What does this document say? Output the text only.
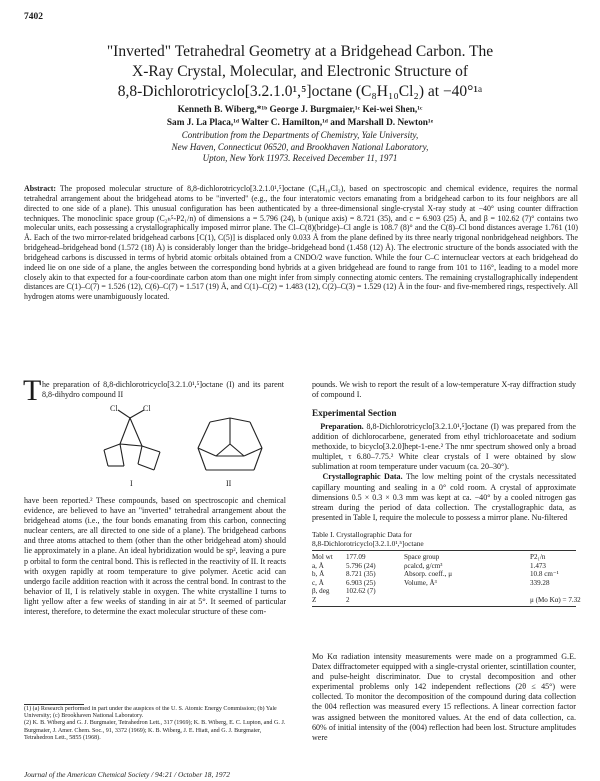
7402
"Inverted" Tetrahedral Geometry at a Bridgehead Carbon. The
X-Ray Crystal, Molecular, and Electronic Structure of
8,8-Dichlorotricyclo[3.2.1.0¹,⁵]octane (C₈H₁₀Cl₂) at −40°¹ᵃ
Kenneth B. Wiberg,*¹ᵇ George J. Burgmaier,¹ᶜ Kei-wei Shen,¹ᶜ
Sam J. La Placa,¹ᵈ Walter C. Hamilton,¹ᵈ and Marshall D. Newton¹ᵉ
Contribution from the Departments of Chemistry, Yale University,
New Haven, Connecticut 06520, and Brookhaven National Laboratory,
Upton, New York 11973. Received December 11, 1971
Abstract: The proposed molecular structure of 8,8-dichlorotricyclo[3.2.1.0¹,⁵]octane (C₈H₁₀Cl₂), based on spectroscopic and chemical evidence, requires the normal tetrahedral arrangement about the bridgehead atoms to be "inverted" (e.g., the four interatomic vectors emanating from a bridgehead carbon to its four neighbors are all directed to one side of a plane). This unusual configuration has been authenticated by a three-dimensional single-crystal X-ray study at −40° using counter diffraction techniques. The monoclinic space group (C₂ₕ⁵-P2₁/n) of dimensions a = 5.796 (24), b (unique axis) = 8.721 (35), and c = 6.903 (25) Å, and β = 102.62 (7)° contains two molecular units, each possessing a crystallographically imposed mirror plane. The Cl–C(8)(bridge)–Cl angle is 108.7 (8)° and the C(8)–Cl bond distances average 1.761 (10) Å. Each of the two mirror-related bridgehead carbons [C(1), C(5)] is displaced only 0.033 Å from the plane defined by its three nearly trigonal nonbridgehead neighbors. The bridgehead–bridgehead bond (1.572 (18) Å) is considerably longer than the bridge–bridgehead bond (1.458 (12) Å). The electronic structure of the bonds associated with the bridgehead carbons is discussed in terms of hybrid atomic orbitals obtained from a CNDO/2 wave function. While the four C–C internuclear vectors at each bridgehead do indeed lie on one side of a plane, the angles between the corresponding bond hybrids at a given bridgehead are found to range from 101 to 116°, leading to a model more closely akin to that expected for a four-coordinate carbon atom than one might infer from simply connecting atomic centers. The remaining crystallographically independent distances are C(1)–C(7) = 1.526 (12), C(6)–C(7) = 1.517 (19) Å, and C(1)–C(2) = 1.483 (12), C(2)–C(3) = 1.529 (12) Å in the four- and five-membered rings, respectively. All hydrogen atoms were unambiguously located.
T he preparation of 8,8-dichlorotricyclo[3.2.1.0¹,⁵]octane (I) and its parent 8,8-dihydro compound II

Cl	Cl
I	II

have been reported.² These compounds, based on spectroscopic and chemical evidence, are believed to have an "inverted" tetrahedral arrangement about the bridgehead atoms (i.e., the four bonds emanating from this carbon, connecting nuclear centers, are all directed to one side of a plane). The bridgehead carbons and three atoms attached to them (other than the other bridgehead atom) should lie approximately in a plane. An ideal hybridization would be sp², leaving a pure p orbital to form the central bond. This is reflected in the reactivity of II. It reacts with oxygen rapidly at room temperature to give polymer. Acetic acid can undergo facile addition reaction with it across the central bond. In contrast to the behavior of II, I is relatively stable in oxygen. The white crystalline I turns to light yellow after a few weeks of standing in air at 5°. It seemed of particular interest, therefore, to determine the exact molecular structure of these com-

(1) (a) Research performed in part under the auspices of the U. S. Atomic Energy Commission; (b) Yale University; (c) Brookhaven National Laboratory.
(2) K. B. Wiberg and G. J. Burgmaier, Tetrahedron Lett., 317 (1969); K. B. Wiberg, E. C. Lupton, and G. J. Burgmaier, J. Amer. Chem. Soc., 91, 3372 (1969); K. B. Wiberg, J. E. Hiatt, and G. J. Burgmaier, Tetrahedron Lett., 5855 (1968).

pounds. We wish to report the result of a low-temperature X-ray diffraction study of compound I.

Experimental Section

Preparation. 8,8-Dichlorotricyclo[3.2.1.0¹,⁵]octane (I) was prepared from the addition of dichlorocarbene, generated from ethyl trichloroacetate and sodium methoxide, to bicyclo[3.2.0]hept-1-ene.² The nmr spectrum showed only a broad multiplet, τ 6.80–7.75.² White clear crystals of I were obtained by slow sublimation at room temperature under vacuum (ca. 20–30°).

Crystallographic Data. The low melting point of the crystals necessitated capillary mounting and sealing in a 0° cold room. A crystal of approximate dimensions 0.5 × 0.3 × 0.3 mm was kept at ca. −40° by a cooled nitrogen gas stream during the period of data collection. The crystallographic data, as presented in Table I, require the molecule to possess a mirror plane. Nu-filtered

Table I. Crystallographic Data for
8,8-Dichlorotricyclo[3.2.1.0¹,⁵]octane
Mol wt	177.09	Space group	P2₁/n
a, Å	5.796 (24)	ρcalcd, g/cm³	1.473
b, Å	8.721 (35)	Absorp. coeff., μ	10.8 cm⁻¹
c, Å	6.903 (25)	Volume, Å³	339.28
β, deg	102.62 (7)
Z	2	μ (Mo Kα) = 7.32

Mo Kα radiation intensity measurements were made on a programmed G.E. Datex diffractometer equipped with a single-crystal orienter, scintillation counter, and pulse-height discriminator. Due to crystal decomposition and other experimental problems only 142 independent reflections (2θ ≤ 45°) were collected. To monitor the decomposition of the compound during data collection the 004 reflection was measured every 15 reflections. A linear correction factor was assigned between the monitored values. At the end of data collection, ca. 60% of initial intensity of the (004) reflection had been lost. Structure amplitudes were

Journal of the American Chemical Society / 94:21 / October 18, 1972
